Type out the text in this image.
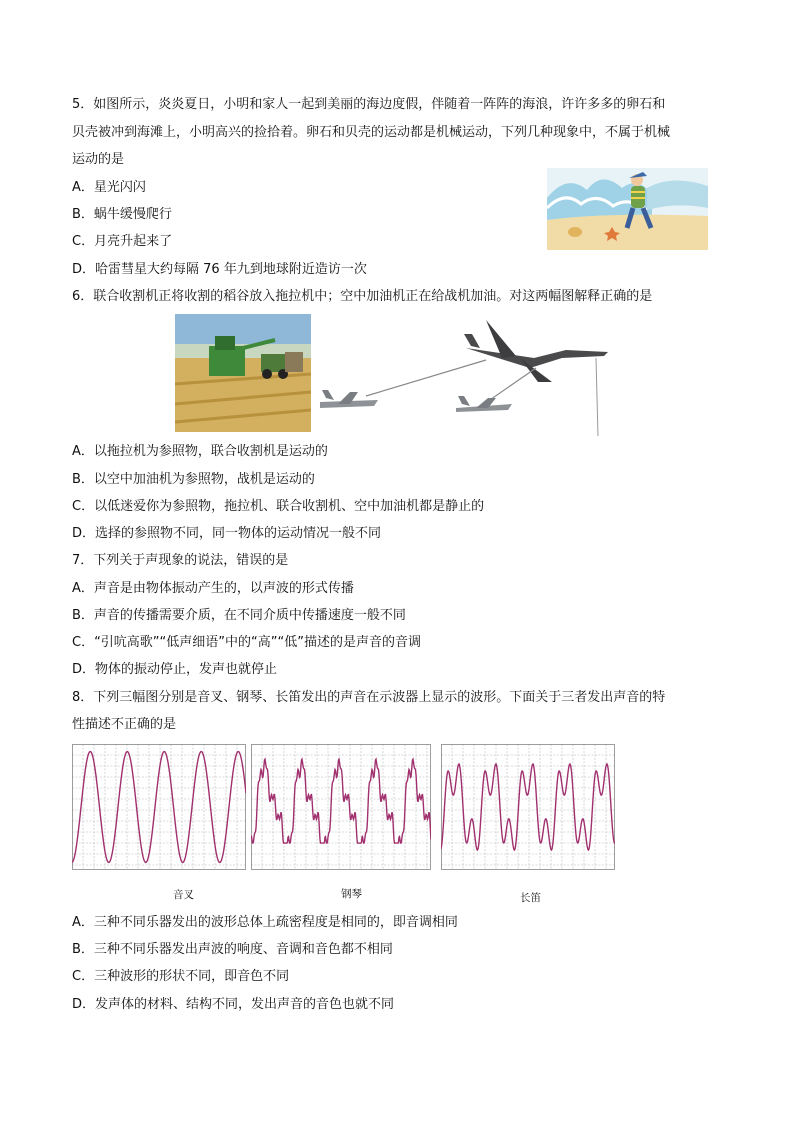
5．如图所示，炎炎夏日，小明和家人一起到美丽的海边度假，伴随着一阵阵的海浪，许许多多的卵石和
贝壳被冲到海滩上，小明高兴的捡拾着。卵石和贝壳的运动都是机械运动，下列几种现象中，不属于机械
运动的是
A．星光闪闪
B．蜗牛缓慢爬行
C．月亮升起来了
D．哈雷彗星大约每隔 76 年九到地球附近造访一次
6．联合收割机正将收割的稻谷放入拖拉机中；空中加油机正在给战机加油。对这两幅图解释正确的是
A．以拖拉机为参照物，联合收割机是运动的
B．以空中加油机为参照物，战机是运动的
C．以低迷爱你为参照物，拖拉机、联合收割机、空中加油机都是静止的
D．选择的参照物不同，同一物体的运动情况一般不同
7．下列关于声现象的说法，错误的是
A．声音是由物体振动产生的，以声波的形式传播
B．声音的传播需要介质，在不同介质中传播速度一般不同
C．“引吭高歌”“低声细语”中的“高”“低”描述的是声音的音调
D．物体的振动停止，发声也就停止
8．下列三幅图分别是音叉、钢琴、长笛发出的声音在示波器上显示的波形。下面关于三者发出声音的特
性描述不正确的是
音叉	钢琴	长笛
A．三种不同乐器发出的波形总体上疏密程度是相同的，即音调相同
B．三种不同乐器发出声波的响度、音调和音色都不相同
C．三种波形的形状不同，即音色不同
D．发声体的材料、结构不同，发出声音的音色也就不同
